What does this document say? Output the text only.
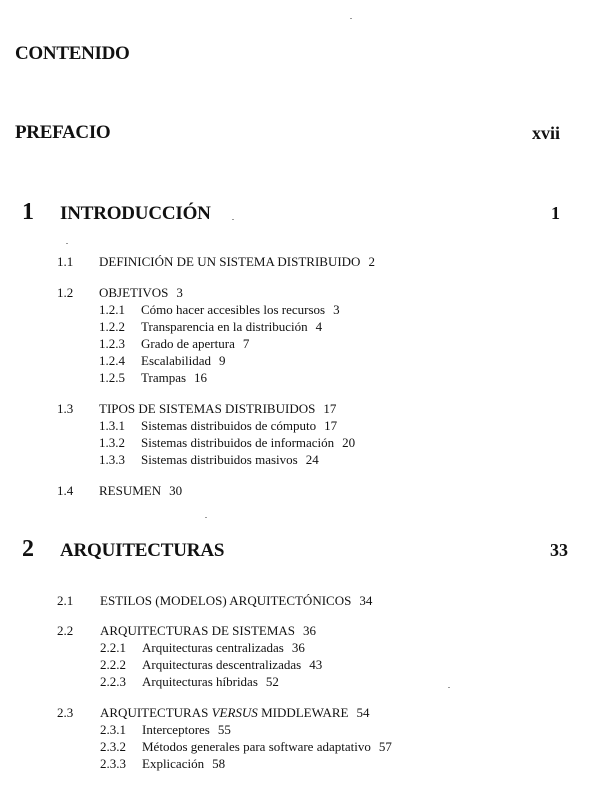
CONTENIDO
PREFACIO	xvii
1 INTRODUCCIÓN	1
1.1 DEFINICIÓN DE UN SISTEMA DISTRIBUIDO 2
1.2 OBJETIVOS 3
1.2.1 Cómo hacer accesibles los recursos 3
1.2.2 Transparencia en la distribución 4
1.2.3 Grado de apertura 7
1.2.4 Escalabilidad 9
1.2.5 Trampas 16
1.3 TIPOS DE SISTEMAS DISTRIBUIDOS 17
1.3.1 Sistemas distribuidos de cómputo 17
1.3.2 Sistemas distribuidos de información 20
1.3.3 Sistemas distribuidos masivos 24
1.4 RESUMEN 30
2 ARQUITECTURAS	33
2.1 ESTILOS (MODELOS) ARQUITECTÓNICOS 34
2.2 ARQUITECTURAS DE SISTEMAS 36
2.2.1 Arquitecturas centralizadas 36
2.2.2 Arquitecturas descentralizadas 43
2.2.3 Arquitecturas híbridas 52
2.3 ARQUITECTURAS VERSUS MIDDLEWARE 54
2.3.1 Interceptores 55
2.3.2 Métodos generales para software adaptativo 57
2.3.3 Explicación 58
